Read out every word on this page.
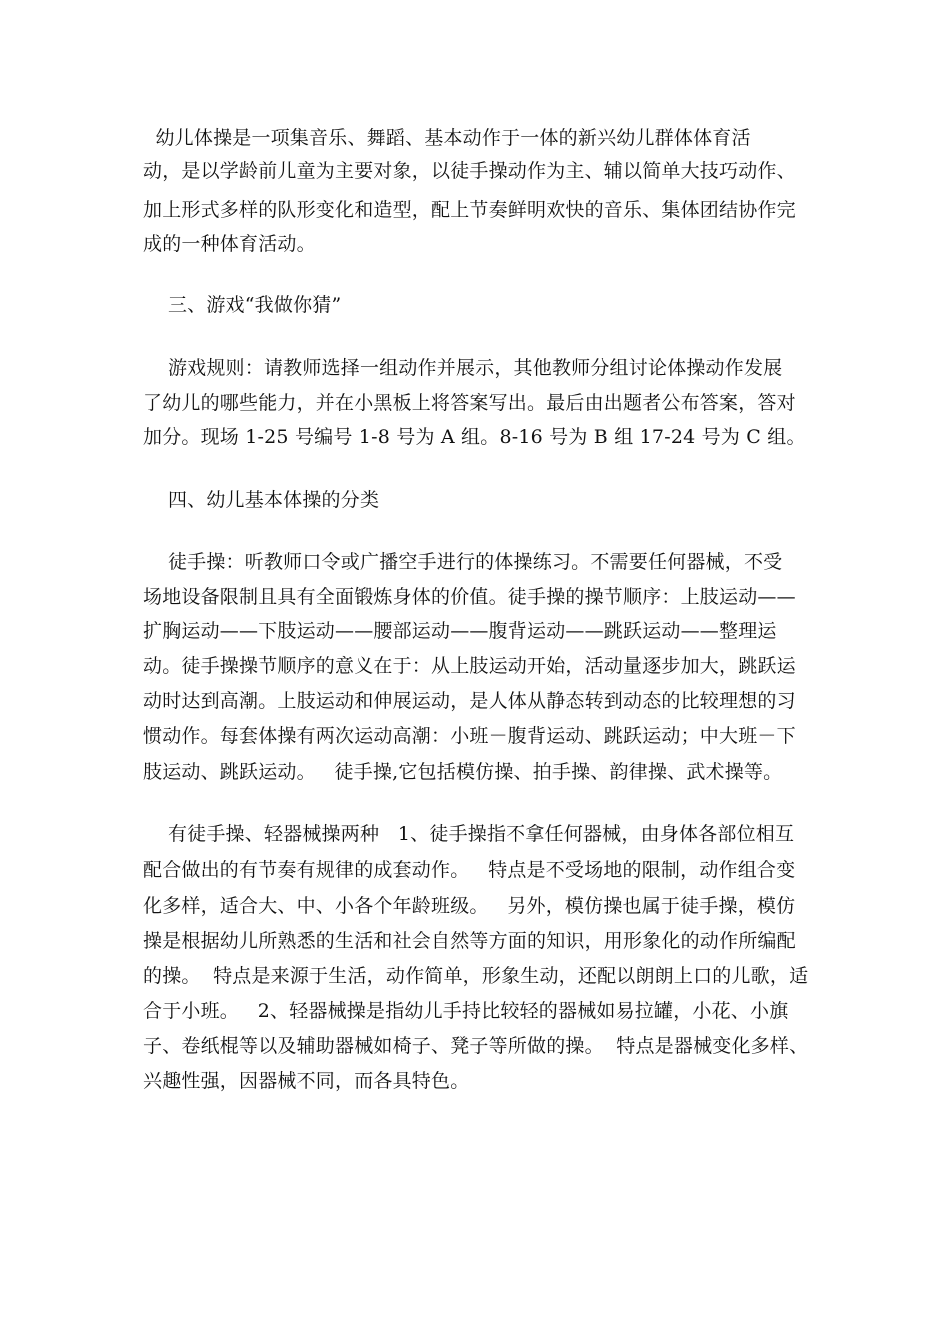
幼儿体操是一项集音乐、舞蹈、基本动作于一体的新兴幼儿群体体育活
动，是以学龄前儿童为主要对象，以徒手操动作为主、辅以简单大技巧动作、
加上形式多样的队形变化和造型，配上节奏鲜明欢快的音乐、集体团结协作完
成的一种体育活动。
三、游戏“我做你猜”
游戏规则：请教师选择一组动作并展示，其他教师分组讨论体操动作发展
了幼儿的哪些能力，并在小黑板上将答案写出。最后由出题者公布答案，答对
加分。现场 1-25 号编号 1-8 号为 A 组。8-16 号为 B 组 17-24 号为 C 组。
四、幼儿基本体操的分类
徒手操：听教师口令或广播空手进行的体操练习。不需要任何器械，不受
场地设备限制且具有全面锻炼身体的价值。徒手操的操节顺序：上肢运动——
扩胸运动——下肢运动——腰部运动——腹背运动——跳跃运动——整理运
动。徒手操操节顺序的意义在于：从上肢运动开始，活动量逐步加大，跳跃运
动时达到高潮。上肢运动和伸展运动，是人体从静态转到动态的比较理想的习
惯动作。每套体操有两次运动高潮：小班－腹背运动、跳跃运动；中大班－下
肢运动、跳跃运动。   徒手操,它包括模仿操、拍手操、韵律操、武术操等。
有徒手操、轻器械操两种   1、徒手操指不拿任何器械，由身体各部位相互
配合做出的有节奏有规律的成套动作。   特点是不受场地的限制，动作组合变
化多样，适合大、中、小各个年龄班级。   另外，模仿操也属于徒手操，模仿
操是根据幼儿所熟悉的生活和社会自然等方面的知识，用形象化的动作所编配
的操。  特点是来源于生活，动作简单，形象生动，还配以朗朗上口的儿歌，适
合于小班。   2、轻器械操是指幼儿手持比较轻的器械如易拉罐，小花、小旗
子、卷纸棍等以及辅助器械如椅子、凳子等所做的操。  特点是器械变化多样、
兴趣性强，因器械不同，而各具特色。
